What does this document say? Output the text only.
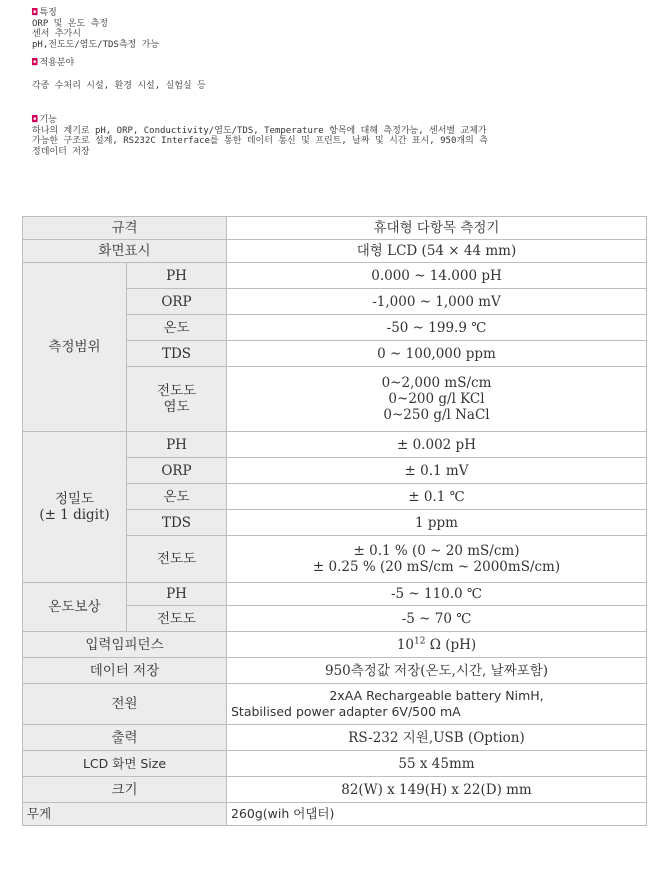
◘ 특징

ORP 및 온도 측정

센서 추가시

pH,전도도/염도/TDS측정 가능

◘ 적용분야

각종 수처리 시설, 환경 시설, 실험실 등

◘ 기능

하나의 계기로 pH, ORP, Conductivity/염도/TDS, Temperature 항목에 대해 측정가능, 센서별 교체가

가능한 구조로 설계, RS232C Interface를 통한 데이터 통신 및 프린트, 날짜 및 시간 표시, 950개의 측

정데이터 저장

규격		휴대형 다항목 측정기
화면표시		대형 LCD (54 × 44 mm)
측정범위	PH	0.000 ~ 14.000 pH
	ORP	-1,000 ~ 1,000 mV
	온도	-50 ~ 199.9 ℃
	TDS	0 ~ 100,000 ppm

	전도도
염도	0~2,000 mS/cm
0~200 g/l KCl
0~250 g/l NaCl

정밀도
(± 1 digit)	PH	± 0.002 pH
	ORP	± 0.1 mV
	온도	± 0.1 ℃
	TDS	1 ppm
	전도도	± 0.1 % (0 ~ 20 mS/cm)
± 0.25 % (20 mS/cm ~ 2000mS/cm)

온도보상	PH	-5 ~ 110.0 ℃
	전도도	-5 ~ 70 ℃
입력임피던스		$10^{12}$ Ω (pH)
데이터 저장		950측정값 저장(온도,시간, 날짜포함)
전원		2xAA Rechargeable battery NimH,
Stabilised power adapter 6V/500 mA

출력		RS-232 지원,USB (Option)
LCD 화면 Size		55 x 45mm
크기		82(W) x 149(H) x 22(D) mm
무게		260g(wih 어댑터)
